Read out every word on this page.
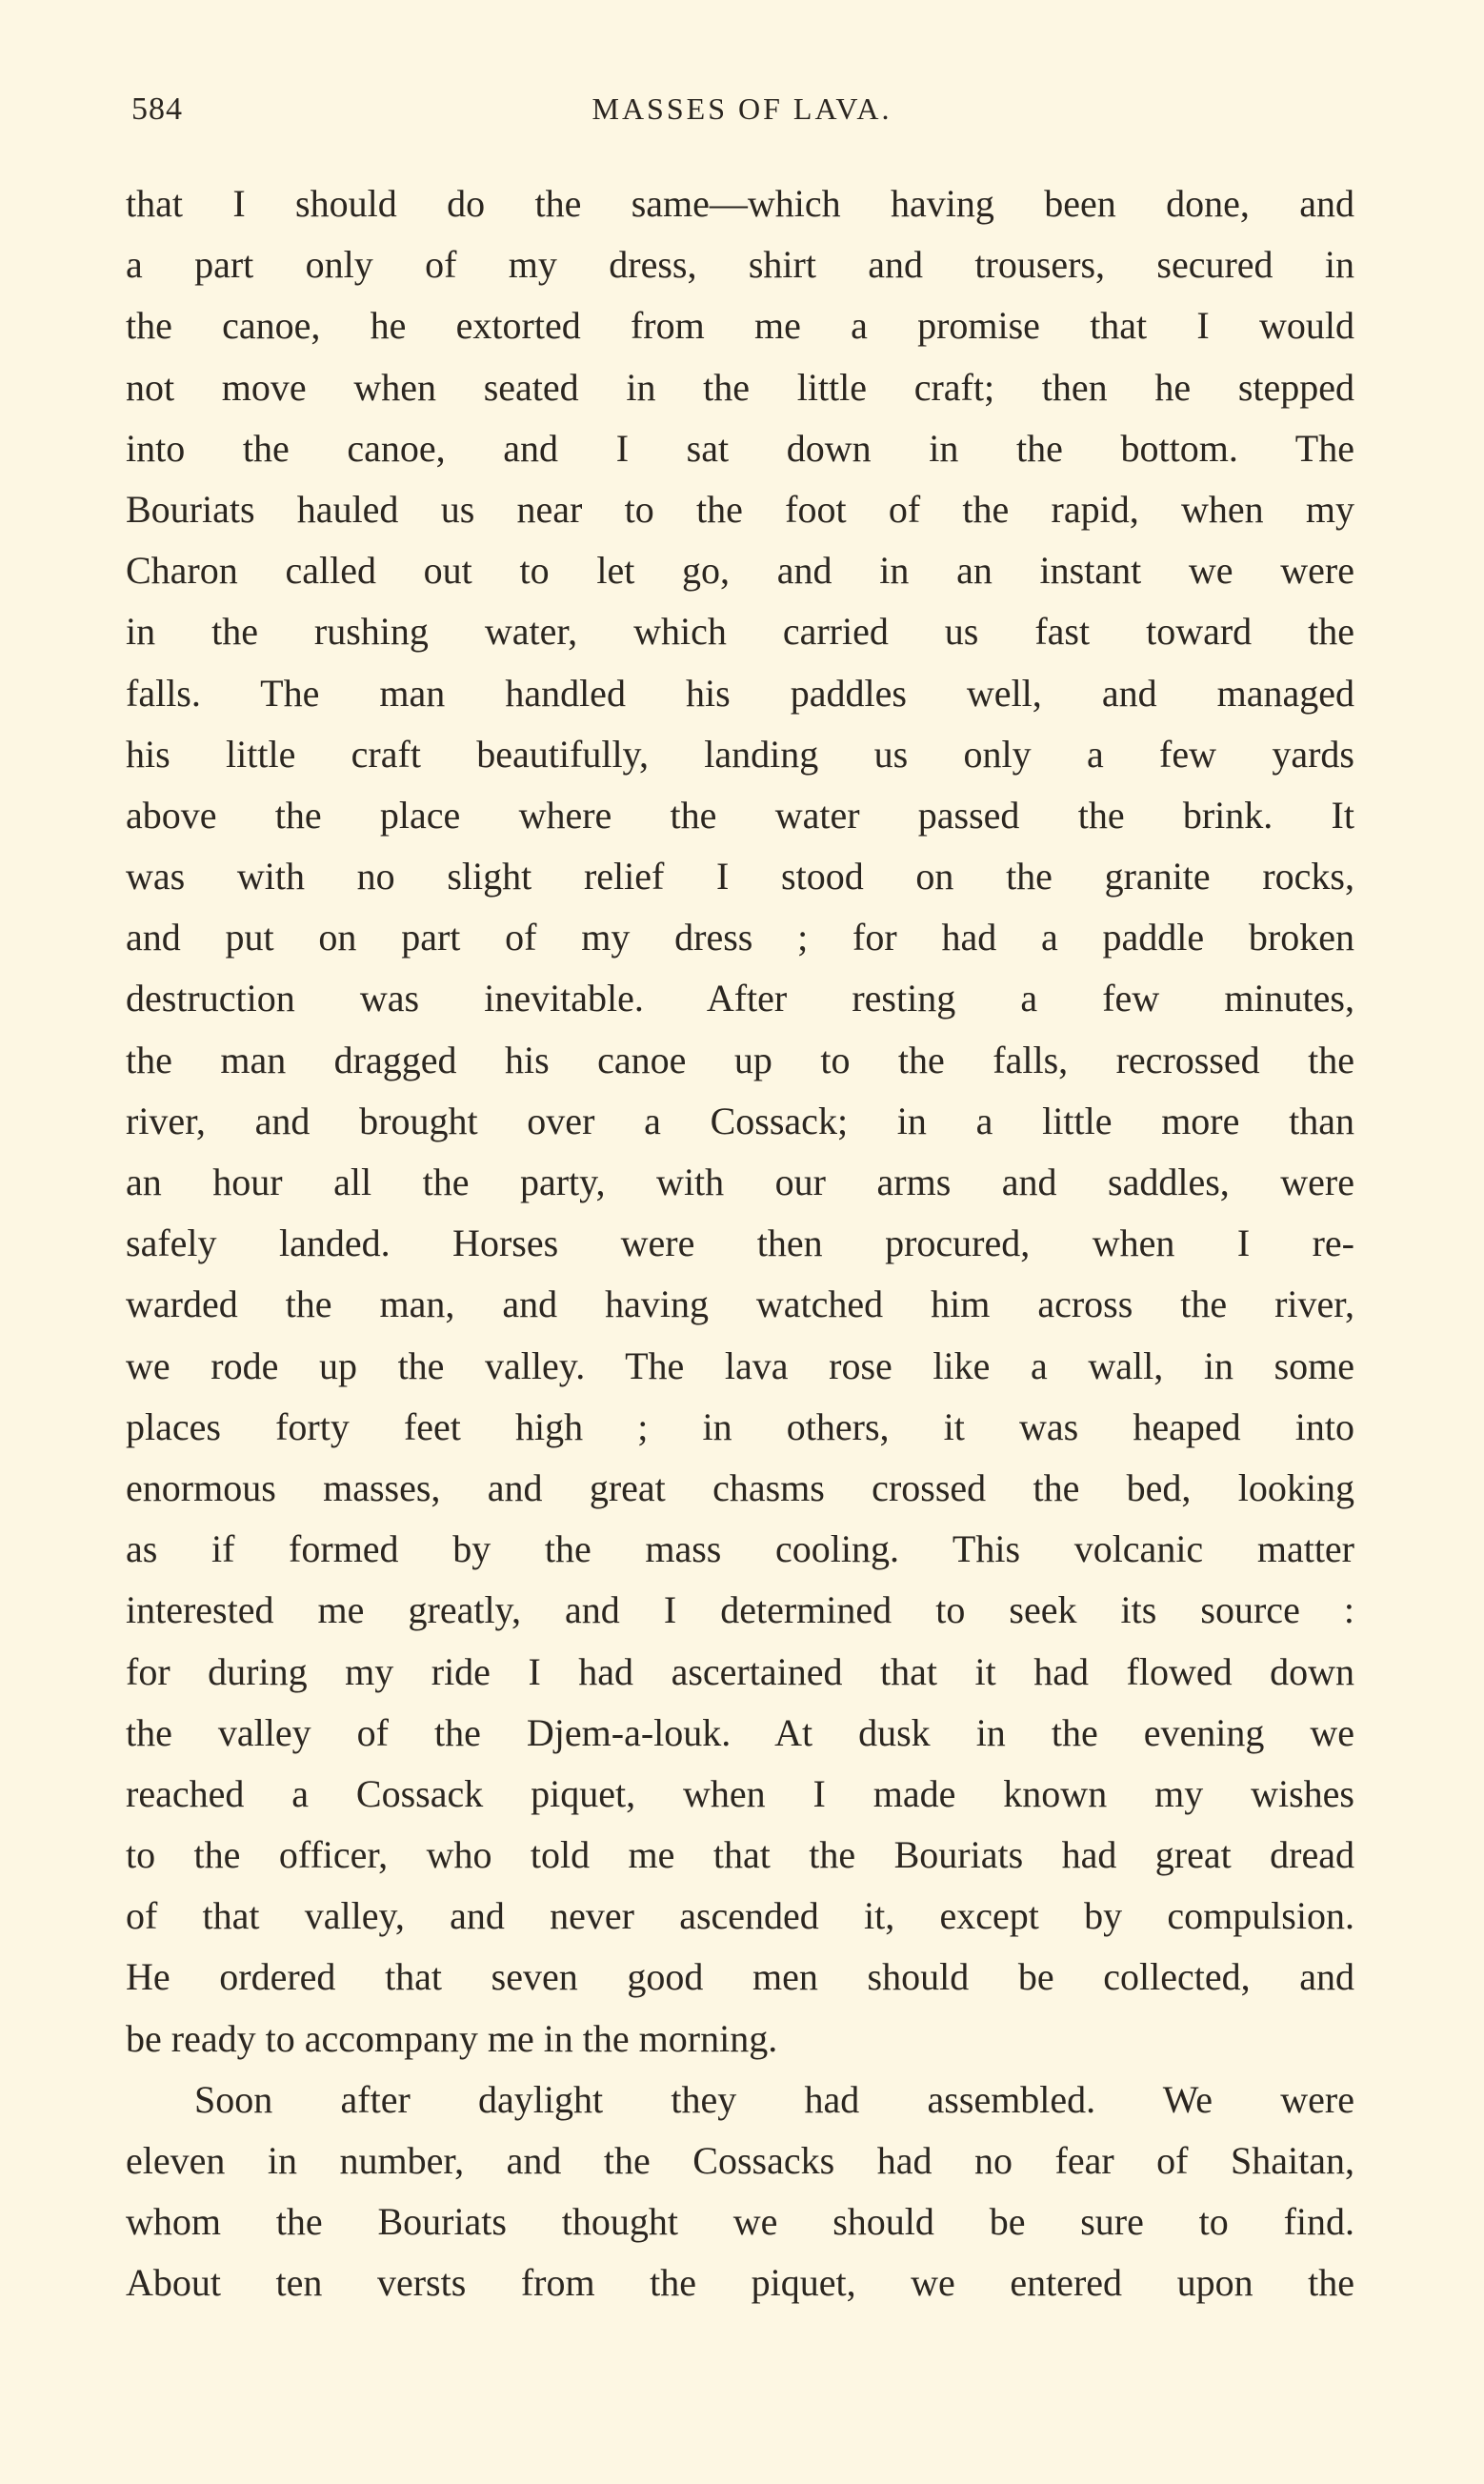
584	MASSES OF LAVA.
that I should do the same—which having been done, and
a part only of my dress, shirt and trousers, secured in
the canoe, he extorted from me a promise that I would
not move when seated in the little craft; then he stepped
into the canoe, and I sat down in the bottom. The
Bouriats hauled us near to the foot of the rapid, when my
Charon called out to let go, and in an instant we were
in the rushing water, which carried us fast toward the
falls. The man handled his paddles well, and managed
his little craft beautifully, landing us only a few yards
above the place where the water passed the brink. It
was with no slight relief I stood on the granite rocks,
and put on part of my dress ; for had a paddle broken
destruction was inevitable. After resting a few minutes,
the man dragged his canoe up to the falls, recrossed the
river, and brought over a Cossack; in a little more than
an hour all the party, with our arms and saddles, were
safely landed. Horses were then procured, when I re-
warded the man, and having watched him across the river,
we rode up the valley. The lava rose like a wall, in some
places forty feet high ; in others, it was heaped into
enormous masses, and great chasms crossed the bed, looking
as if formed by the mass cooling. This volcanic matter
interested me greatly, and I determined to seek its source :
for during my ride I had ascertained that it had flowed down
the valley of the Djem-a-louk. At dusk in the evening we
reached a Cossack piquet, when I made known my wishes
to the officer, who told me that the Bouriats had great dread
of that valley, and never ascended it, except by compulsion.
He ordered that seven good men should be collected, and
be ready to accompany me in the morning.
Soon after daylight they had assembled. We were
eleven in number, and the Cossacks had no fear of Shaitan,
whom the Bouriats thought we should be sure to find.
About ten versts from the piquet, we entered upon the
